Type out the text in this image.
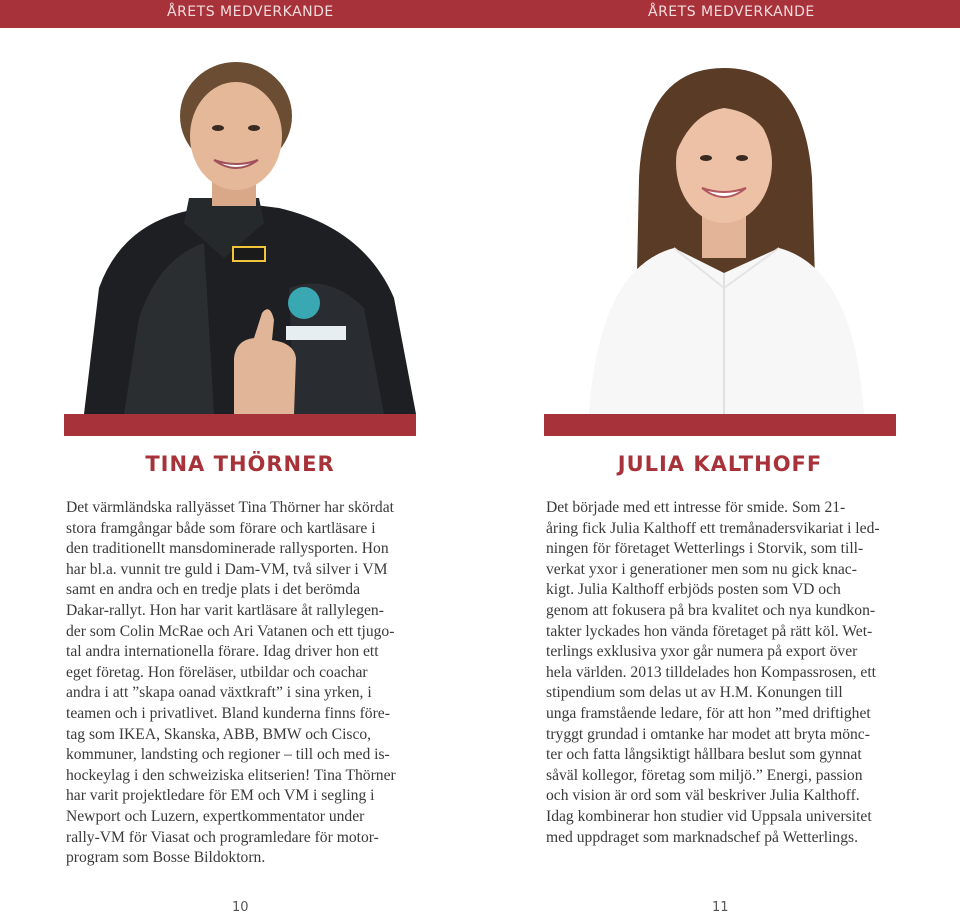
ÅRETS MEDVERKANDE	ÅRETS MEDVERKANDE
TINA THÖRNER	JULIA KALTHOFF
Det värmländska rallyässet Tina Thörner har skördat
stora framgångar både som förare och kartläsare i
den traditionellt mansdominerade rallysporten. Hon
har bl.a. vunnit tre guld i Dam-VM, två silver i VM
samt en andra och en tredje plats i det berömda
Dakar-rallyt. Hon har varit kartläsare åt rallylegen-
der som Colin McRae och Ari Vatanen och ett tjugo-
tal andra internationella förare. Idag driver hon ett
eget företag. Hon föreläser, utbildar och coachar
andra i att ”skapa oanad växtkraft” i sina yrken, i
teamen och i privatlivet. Bland kunderna finns före-
tag som IKEA, Skanska, ABB, BMW och Cisco,
kommuner, landsting och regioner – till och med is-
hockeylag i den schweiziska elitserien! Tina Thörner
har varit projektledare för EM och VM i segling i
Newport och Luzern, expertkommentator under
rally-VM för Viasat och programledare för motor-
program som Bosse Bildoktorn.
Det började med ett intresse för smide. Som 21-
åring fick Julia Kalthoff ett tremånadersvikariat i led-
ningen för företaget Wetterlings i Storvik, som till-
verkat yxor i generationer men som nu gick knac-
kigt. Julia Kalthoff erbjöds posten som VD och
genom att fokusera på bra kvalitet och nya kundkon-
takter lyckades hon vända företaget på rätt köl. Wet-
terlings exklusiva yxor går numera på export över
hela världen. 2013 tilldelades hon Kompassrosen, ett
stipendium som delas ut av H.M. Konungen till
unga framstående ledare, för att hon ”med driftighet
tryggt grundad i omtanke har modet att bryta mönс-
ter och fatta långsiktigt hållbara beslut som gynnat
såväl kollegor, företag som miljö.” Energi, passion
och vision är ord som väl beskriver Julia Kalthoff.
Idag kombinerar hon studier vid Uppsala universitet
med uppdraget som marknadschef på Wetterlings.
10	11
